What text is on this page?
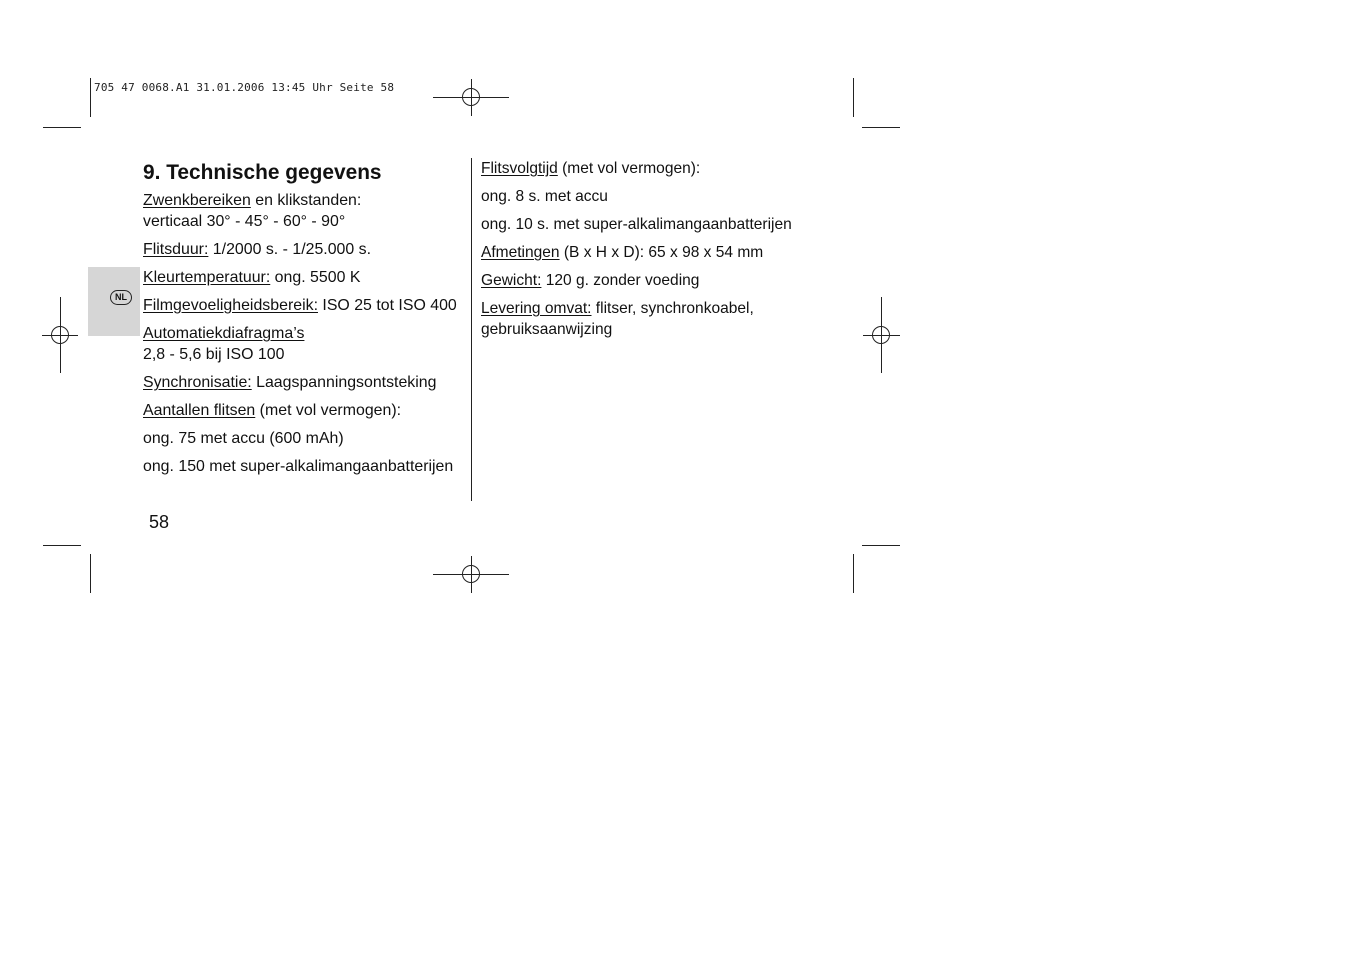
705 47 0068.A1 31.01.2006 13:45 Uhr Seite 58
NL
9. Technische gegevens
Zwenkbereiken en klikstanden:
verticaal 30° - 45° - 60° - 90°
Flitsduur: 1/2000 s. - 1/25.000 s.
Kleurtemperatuur: ong. 5500 K
Filmgevoeligheidsbereik: ISO 25 tot ISO 400
Automatiekdiafragma’s
2,8 - 5,6 bij ISO 100
Synchronisatie: Laagspanningsontsteking
Aantallen flitsen (met vol vermogen):
ong. 75 met accu (600 mAh)
ong. 150 met super-alkalimangaanbatterijen
Flitsvolgtijd (met vol vermogen):
ong. 8 s. met accu
ong. 10 s. met super-alkalimangaanbatterijen
Afmetingen (B x H x D): 65 x 98 x 54 mm
Gewicht: 120 g. zonder voeding
Levering omvat: flitser, synchronkoabel,
gebruiksaanwijzing
58
